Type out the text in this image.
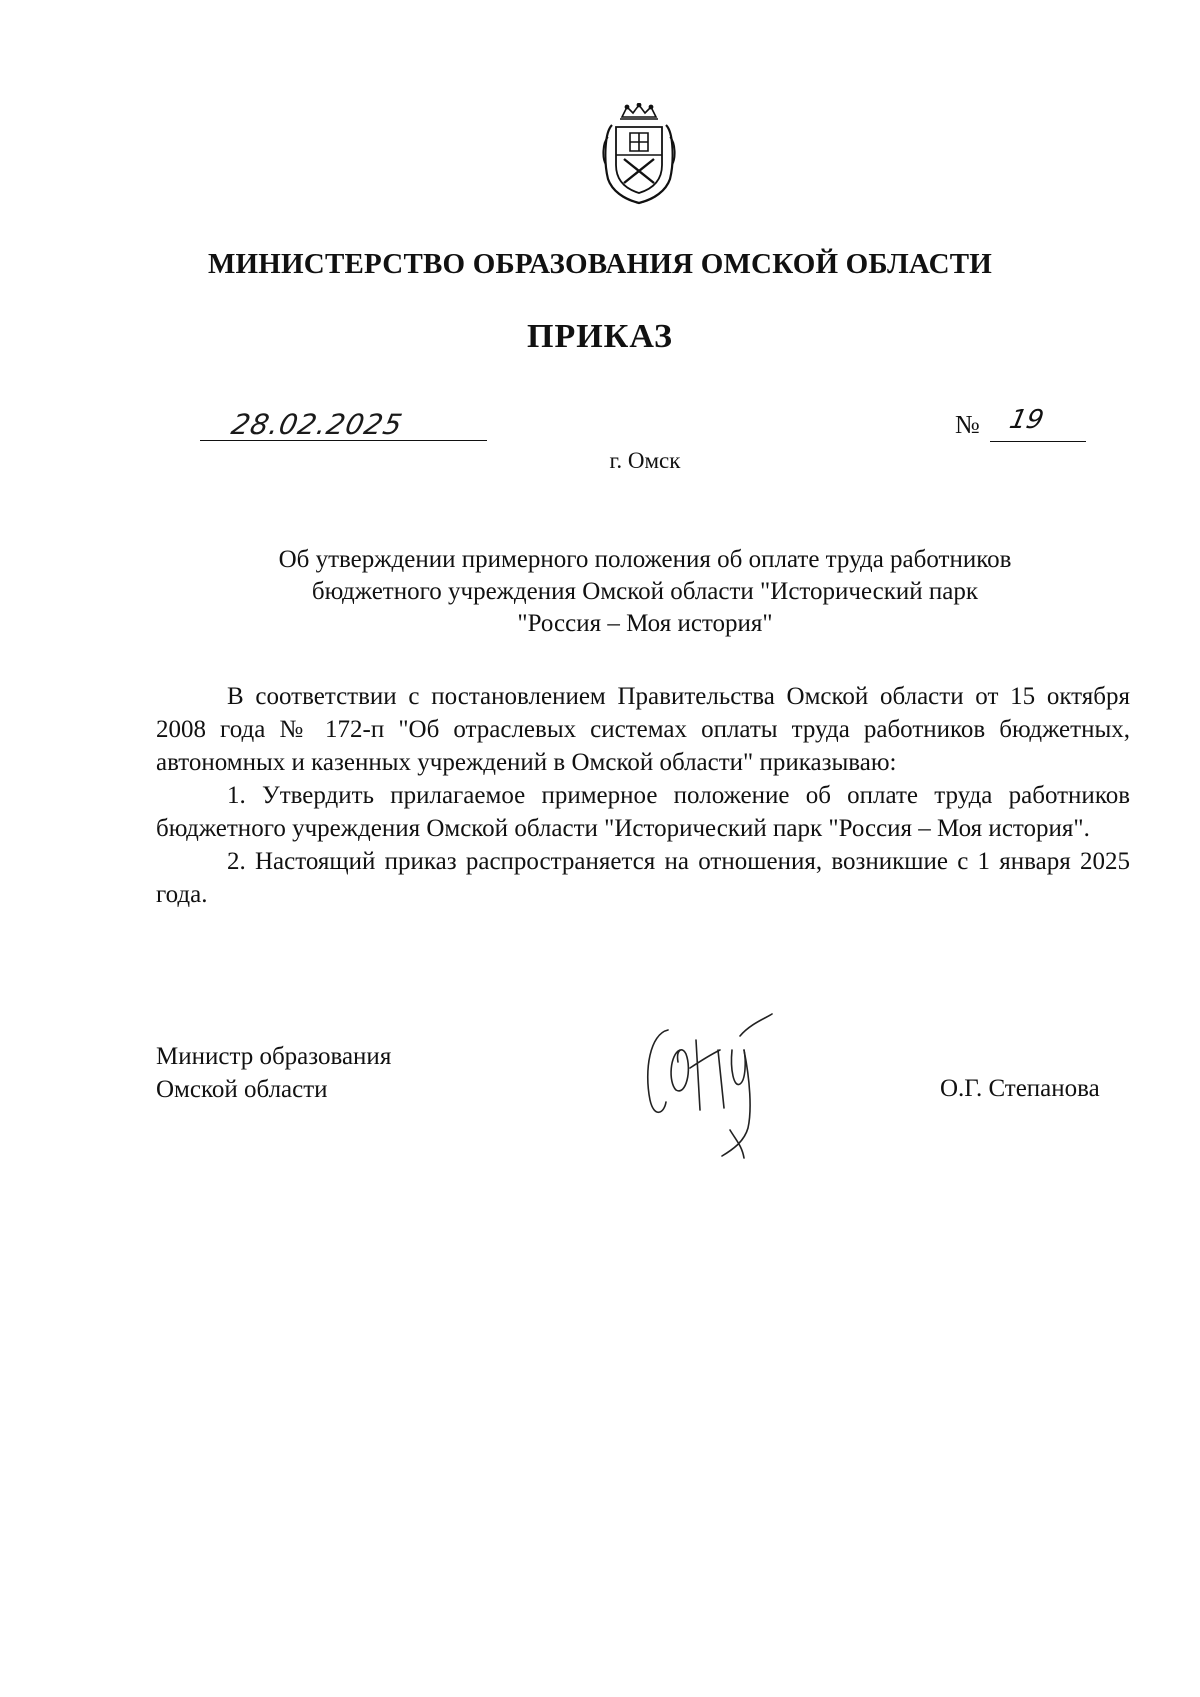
МИНИСТЕРСТВО ОБРАЗОВАНИЯ ОМСКОЙ ОБЛАСТИ
ПРИКАЗ
28.02.2025	№ 19
г. Омск
Об утверждении примерного положения об оплате труда работников
бюджетного учреждения Омской области "Исторический парк
"Россия – Моя история"

В соответствии с постановлением Правительства Омской области от 15 октября 2008 года № 172-п "Об отраслевых системах оплаты труда работников бюджетных, автономных и казенных учреждений в Омской области" приказываю:

1. Утвердить прилагаемое примерное положение об оплате труда работников бюджетного учреждения Омской области "Исторический парк "Россия – Моя история".

2. Настоящий приказ распространяется на отношения, возникшие с 1 января 2025 года.

Министр образования
Омской области	О.Г. Степанова
